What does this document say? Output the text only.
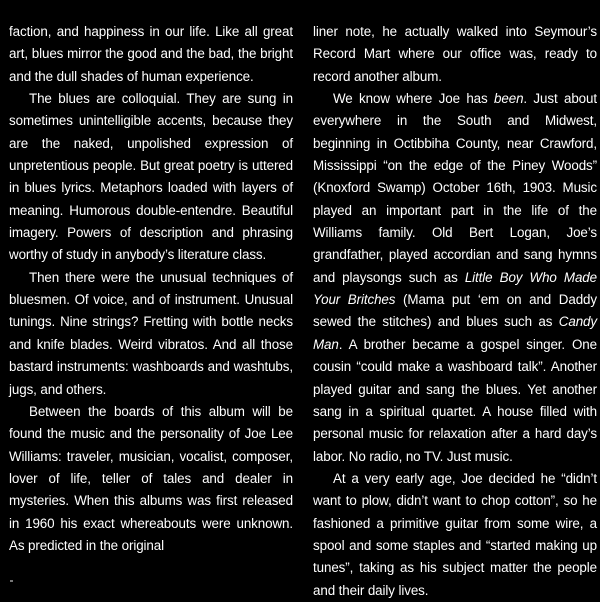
faction, and happiness in our life. Like all great art, blues mirror the good and the bad, the bright and the dull shades of human experience.

The blues are colloquial. They are sung in sometimes unintelligible accents, because they are the naked, unpolished expression of unpretentious people. But great poetry is uttered in blues lyrics. Metaphors loaded with layers of meaning. Humorous double-entendre. Beautiful imagery. Powers of description and phrasing worthy of study in anybody’s literature class.

Then there were the unusual techniques of bluesmen. Of voice, and of instrument. Unusual tunings. Nine strings? Fretting with bottle necks and knife blades. Weird vibratos. And all those bastard instruments: washboards and washtubs, jugs, and others.

Between the boards of this album will be found the music and the personality of Joe Lee Williams: traveler, musician, vocalist, composer, lover of life, teller of tales and dealer in mysteries. When this albums was first released in 1960 his exact whereabouts were unknown. As predicted in the original

liner note, he actually walked into Seymour’s Record Mart where our office was, ready to record another album.

We know where Joe has been. Just about everywhere in the South and Midwest, beginning in Octibbiha County, near Crawford, Mississippi “on the edge of the Piney Woods” (Knoxford Swamp) October 16th, 1903. Music played an important part in the life of the Williams family. Old Bert Logan, Joe’s grandfather, played accordian and sang hymns and playsongs such as Little Boy Who Made Your Britches (Mama put ‘em on and Daddy sewed the stitches) and blues such as Candy Man. A brother became a gospel singer. One cousin “could make a washboard talk”. Another played guitar and sang the blues. Yet another sang in a spiritual quartet. A house filled with personal music for relaxation after a hard day’s labor. No radio, no TV. Just music.

At a very early age, Joe decided he “didn’t want to plow, didn’t want to chop cotton”, so he fashioned a primitive guitar from some wire, a spool and some staples and “started making up tunes”, taking as his subject matter the people and their daily lives.
